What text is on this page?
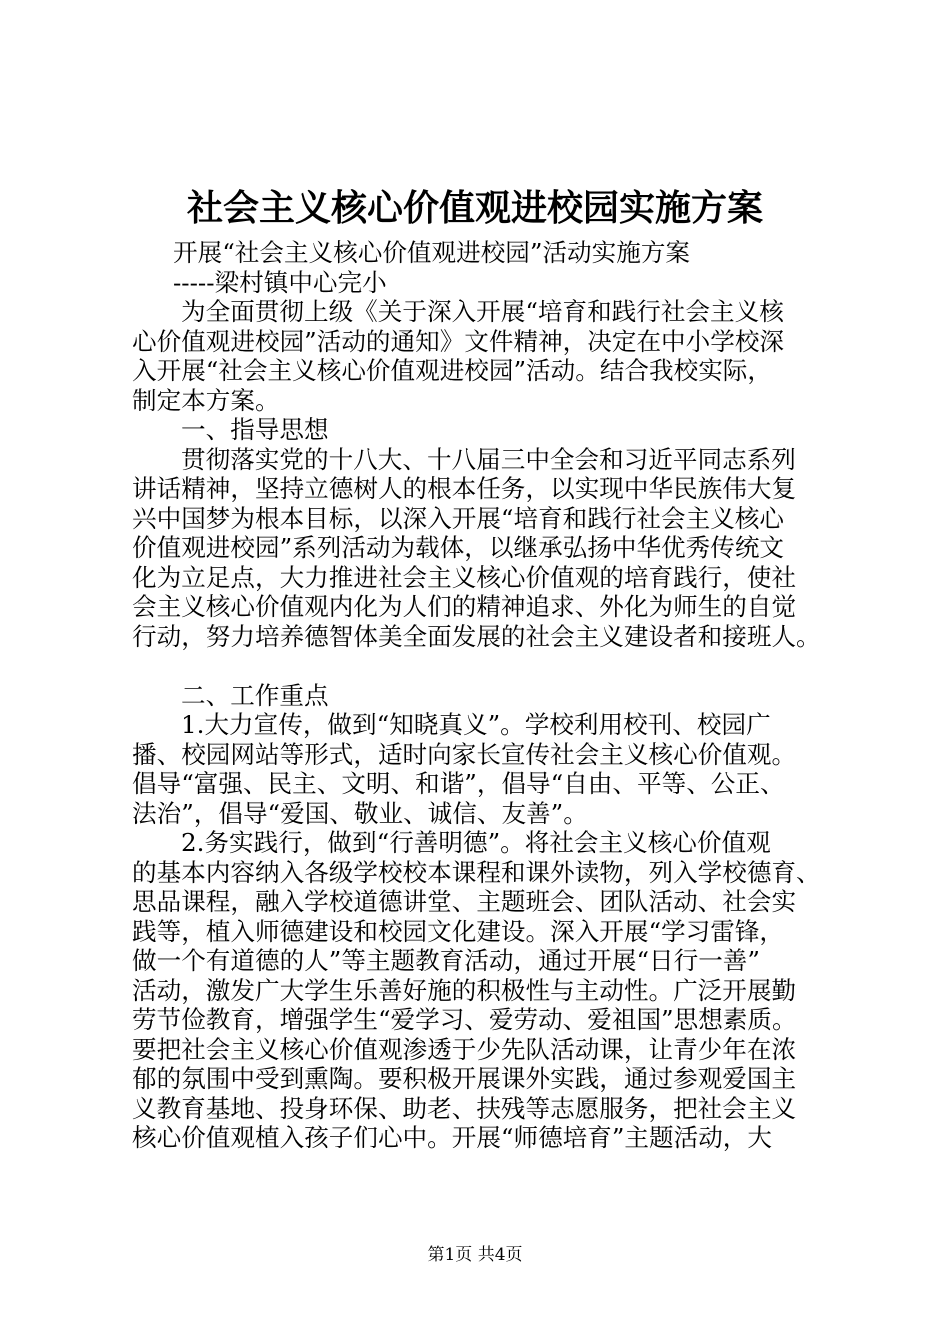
社会主义核心价值观进校园实施方案
开展“社会主义核心价值观进校园”活动实施方案
-----梁村镇中心完小
为全面贯彻上级《关于深入开展“培育和践行社会主义核
心价值观进校园”活动的通知》文件精神，决定在中小学校深
入开展“社会主义核心价值观进校园”活动。结合我校实际，
制定本方案。
一、指导思想
贯彻落实党的十八大、十八届三中全会和习近平同志系列
讲话精神，坚持立德树人的根本任务，以实现中华民族伟大复
兴中国梦为根本目标，以深入开展“培育和践行社会主义核心
价值观进校园”系列活动为载体，以继承弘扬中华优秀传统文
化为立足点，大力推进社会主义核心价值观的培育践行，使社
会主义核心价值观内化为人们的精神追求、外化为师生的自觉
行动，努力培养德智体美全面发展的社会主义建设者和接班人。
二、工作重点
1.大力宣传，做到“知晓真义”。学校利用校刊、校园广
播、校园网站等形式，适时向家长宣传社会主义核心价值观。
倡导“富强、民主、文明、和谐”，倡导“自由、平等、公正、
法治”，倡导“爱国、敬业、诚信、友善”。
2.务实践行，做到“行善明德”。将社会主义核心价值观
的基本内容纳入各级学校校本课程和课外读物，列入学校德育、
思品课程，融入学校道德讲堂、主题班会、团队活动、社会实
践等，植入师德建设和校园文化建设。深入开展“学习雷锋，
做一个有道德的人”等主题教育活动，通过开展“日行一善”
活动，激发广大学生乐善好施的积极性与主动性。广泛开展勤
劳节俭教育，增强学生“爱学习、爱劳动、爱祖国”思想素质。
要把社会主义核心价值观渗透于少先队活动课，让青少年在浓
郁的氛围中受到熏陶。要积极开展课外实践，通过参观爱国主
义教育基地、投身环保、助老、扶残等志愿服务，把社会主义
核心价值观植入孩子们心中。开展“师德培育”主题活动，大
第1页 共4页
